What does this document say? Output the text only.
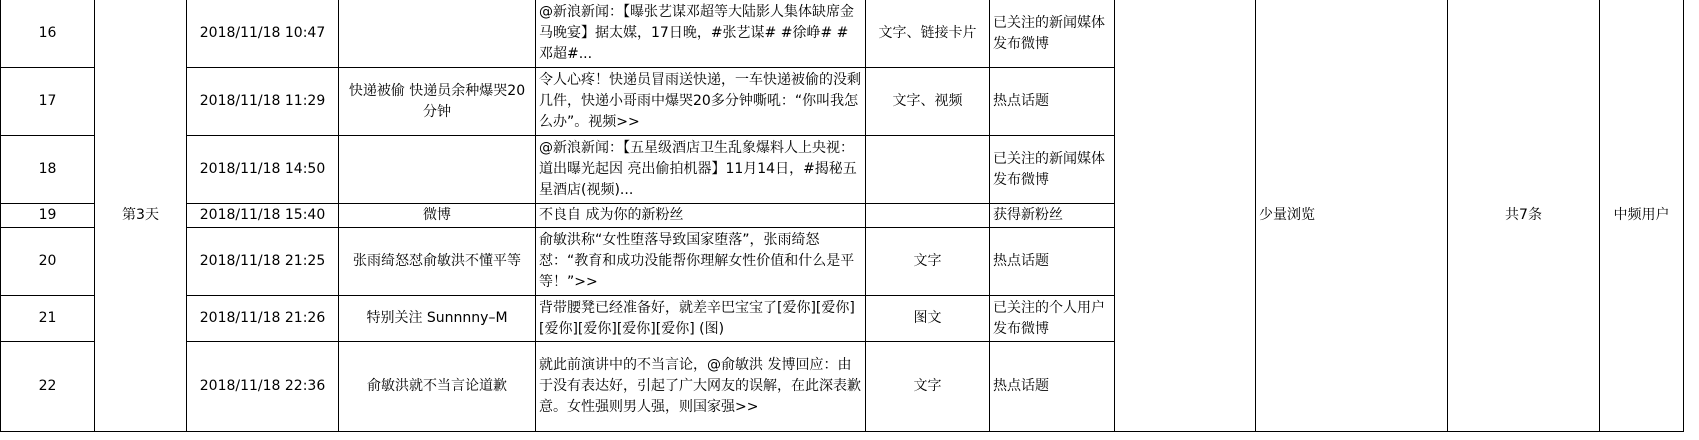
16	第3天	2018/11/18 10:47		@新浪新闻：【曝张艺谋邓超等大陆影人集体缺席金马晚宴】据太媒，17日晚，#张艺谋# #徐峥# #邓超#...	文字、链接卡片	已关注的新闻媒体发布微博		少量浏览	共7条	中频用户
17		2018/11/18 11:29	快递被偷 快递员余种爆哭20分钟	令人心疼！快递员冒雨送快递，一车快递被偷的没剩几件，快递小哥雨中爆哭20多分钟嘶吼：“你叫我怎么办”。视频>>	文字、视频	热点话题				
18		2018/11/18 14:50		@新浪新闻：【五星级酒店卫生乱象爆料人上央视：道出曝光起因 亮出偷拍机器】11月14日，#揭秘五星酒店(视频)...		已关注的新闻媒体发布微博				
19		2018/11/18 15:40	微博	不良自 成为你的新粉丝		获得新粉丝				
20		2018/11/18 21:25	张雨绮怒怼俞敏洪不懂平等	俞敏洪称“女性堕落导致国家堕落”，张雨绮怒怼：“教育和成功没能帮你理解女性价值和什么是平等！”>>	文字	热点话题				
21		2018/11/18 21:26	特别关注 Sunnnny–M	背带腰凳已经准备好，就差辛巴宝宝了[爱你][爱你][爱你][爱你][爱你][爱你] (图)	图文	已关注的个人用户发布微博				
22		2018/11/18 22:36	俞敏洪就不当言论道歉	就此前演讲中的不当言论，@俞敏洪 发博回应：由于没有表达好，引起了广大网友的误解，在此深表歉意。女性强则男人强，则国家强>>	文字	热点话题				
